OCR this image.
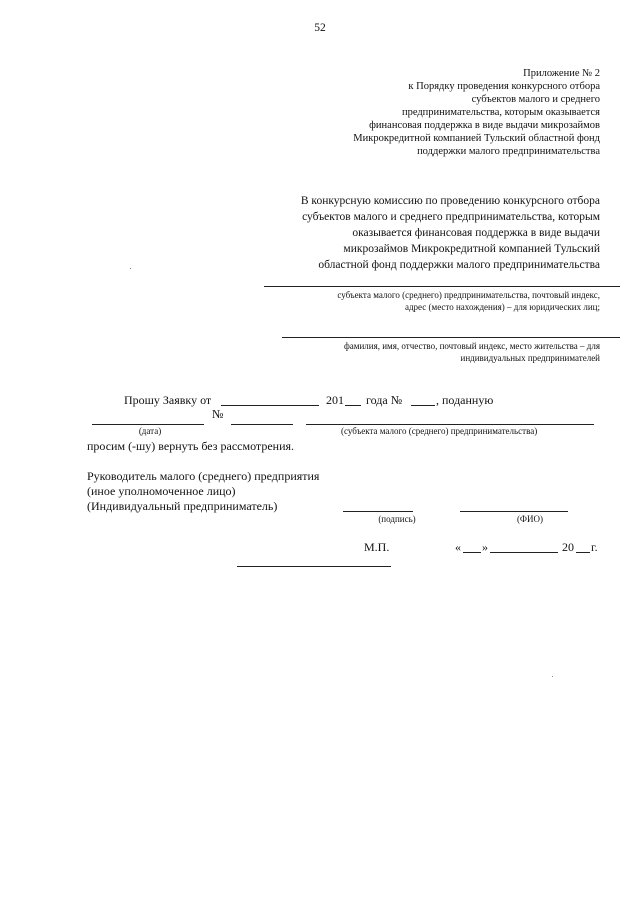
52
Приложение № 2
к Порядку проведения конкурсного отбора
субъектов малого и среднего
предпринимательства, которым оказывается
финансовая поддержка в виде выдачи микрозаймов
Микрокредитной компанией Тульский областной фонд
поддержки малого предпринимательства
В конкурсную комиссию по проведению конкурсного отбора
субъектов малого и среднего предпринимательства, которым
оказывается финансовая поддержка в виде выдачи
микрозаймов Микрокредитной компанией Тульский
областной фонд поддержки малого предпринимательства
субъекта малого (среднего) предпринимательства, почтовый индекс,
адрес (место нахождения) – для юридических лиц;
фамилия, имя, отчество, почтовый индекс, место жительства – для
индивидуальных предпринимателей
Прошу Заявку от	201 года №	, поданную
№
(дата)	(субъекта малого (среднего) предпринимательства)
просим (-шу) вернуть без рассмотрения.
Руководитель малого (среднего) предприятия
(иное уполномоченное лицо)
(Индивидуальный предприниматель)
(подпись)	(ФИО)
М.П.	« »	20 г.
